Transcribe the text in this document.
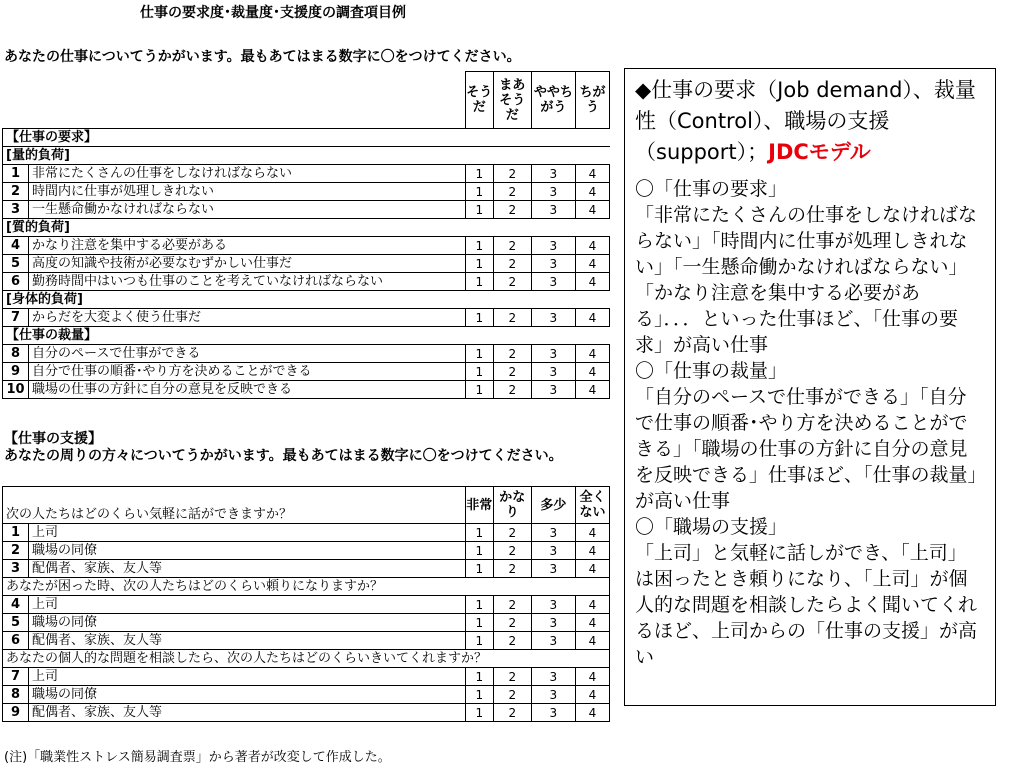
仕事の要求度･裁量度･支援度の調査項目例
あなたの仕事についてうかがいます。最もあてはまる数字に〇をつけてください。
		そうだ	まあそうだ	ややちがう	ちがう
【仕事の要求】					
[量的負荷]					
1	非常にたくさんの仕事をしなければならない	1	2	3	4
2	時間内に仕事が処理しきれない	1	2	3	4
3	一生懸命働かなければならない	1	2	3	4
[質的負荷]					
4	かなり注意を集中する必要がある	1	2	3	4
5	高度の知識や技術が必要なむずかしい仕事だ	1	2	3	4
6	勤務時間中はいつも仕事のことを考えていなければならない	1	2	3	4
[身体的負荷]					
7	からだを大変よく使う仕事だ	1	2	3	4
【仕事の裁量】					
8	自分のペースで仕事ができる	1	2	3	4
9	自分で仕事の順番･やり方を決めることができる	1	2	3	4
10	職場の仕事の方針に自分の意見を反映できる	1	2	3	4
【仕事の支援】
あなたの周りの方々についてうかがいます。最もあてはまる数字に〇をつけてください。
次の人たちはどのくらい気軽に話ができますか？		非常	かなり	多少	全くない
1	上司	1	2	3	4
2	職場の同僚	1	2	3	4
3	配偶者、家族、友人等	1	2	3	4
あなたが困った時、次の人たちはどのくらい頼りになりますか？					
4	上司	1	2	3	4
5	職場の同僚	1	2	3	4
6	配偶者、家族、友人等	1	2	3	4
あなたの個人的な問題を相談したら、次の人たちはどのくらいきいてくれますか？					
7	上司	1	2	3	4
8	職場の同僚	1	2	3	4
9	配偶者、家族、友人等	1	2	3	4
(注)「職業性ストレス簡易調査票」から著者が改変して作成した。
◆仕事の要求（Job demand）、裁量性（Control）、職場の支援（support）；JDCモデル

〇「仕事の要求」

「非常にたくさんの仕事をしなければならない」「時間内に仕事が処理しきれない」「一生懸命働かなければならない」「かなり注意を集中する必要がある」．．．といった仕事ほど、「仕事の要求」が高い仕事

〇「仕事の裁量」

「自分のペースで仕事ができる」「自分で仕事の順番･やり方を決めることができる」「職場の仕事の方針に自分の意見を反映できる」仕事ほど、「仕事の裁量」が高い仕事

〇「職場の支援」

「上司」と気軽に話しができ、「上司」は困ったとき頼りになり、「上司」が個人的な問題を相談したらよく聞いてくれるほど、上司からの「仕事の支援」が高い
